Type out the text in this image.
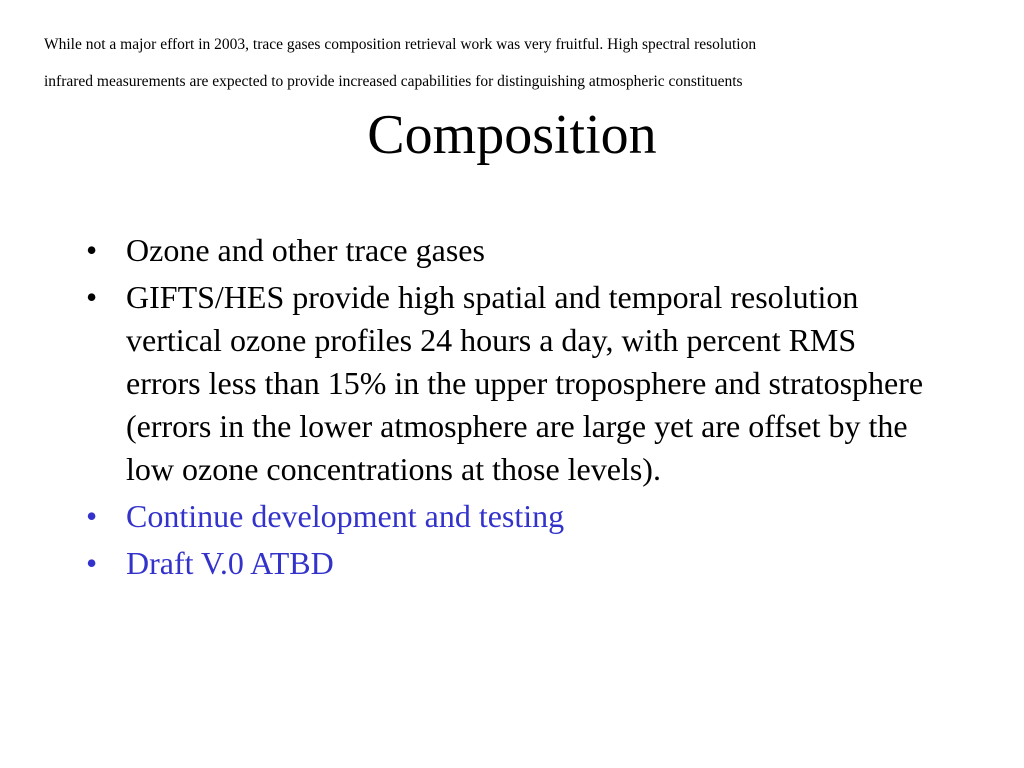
While not a major effort in 2003, trace gases composition retrieval work was very fruitful. High spectral resolution
infrared measurements are expected to provide increased capabilities for distinguishing atmospheric constituents

Composition
• Ozone and other trace gases
• GIFTS/HES provide high spatial and temporal resolution vertical ozone profiles 24 hours a day, with percent RMS errors less than 15% in the upper troposphere and stratosphere (errors in the lower atmosphere are large yet are offset by the low ozone concentrations at those levels).
• Continue development and testing
• Draft V.0 ATBD
